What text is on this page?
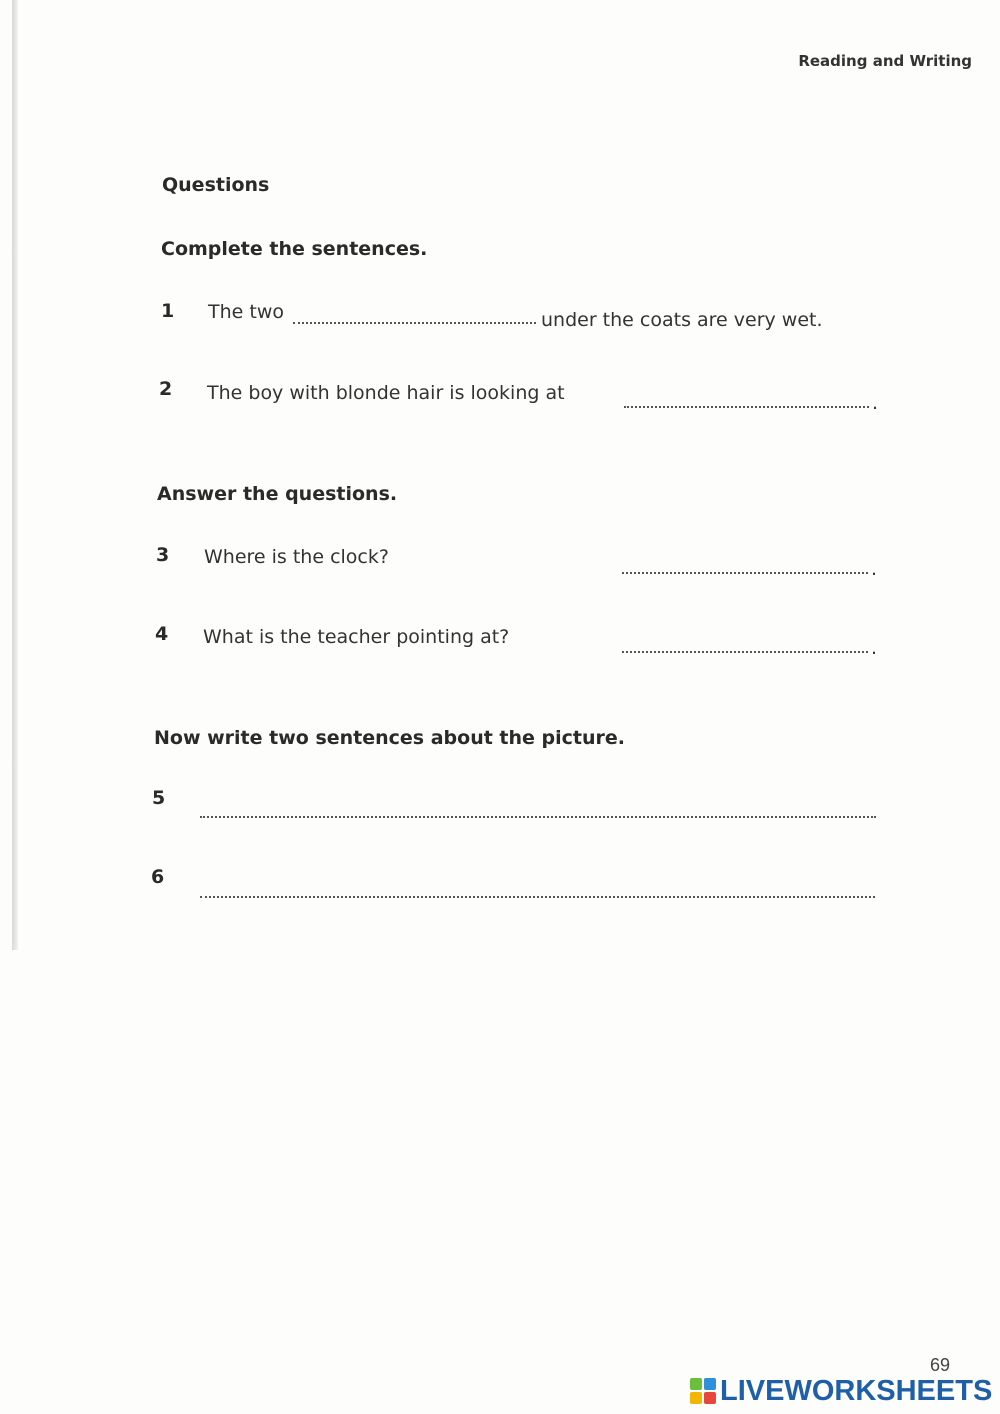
Reading and Writing
Questions
Complete the sentences.
1 The two	under the coats are very wet.
2 The boy with blonde hair is looking at	.
Answer the questions.
3 Where is the clock?
.
4 What is the teacher pointing at?	.
Now write two sentences about the picture.
5
6
69
LIVEWORKSHEETS
